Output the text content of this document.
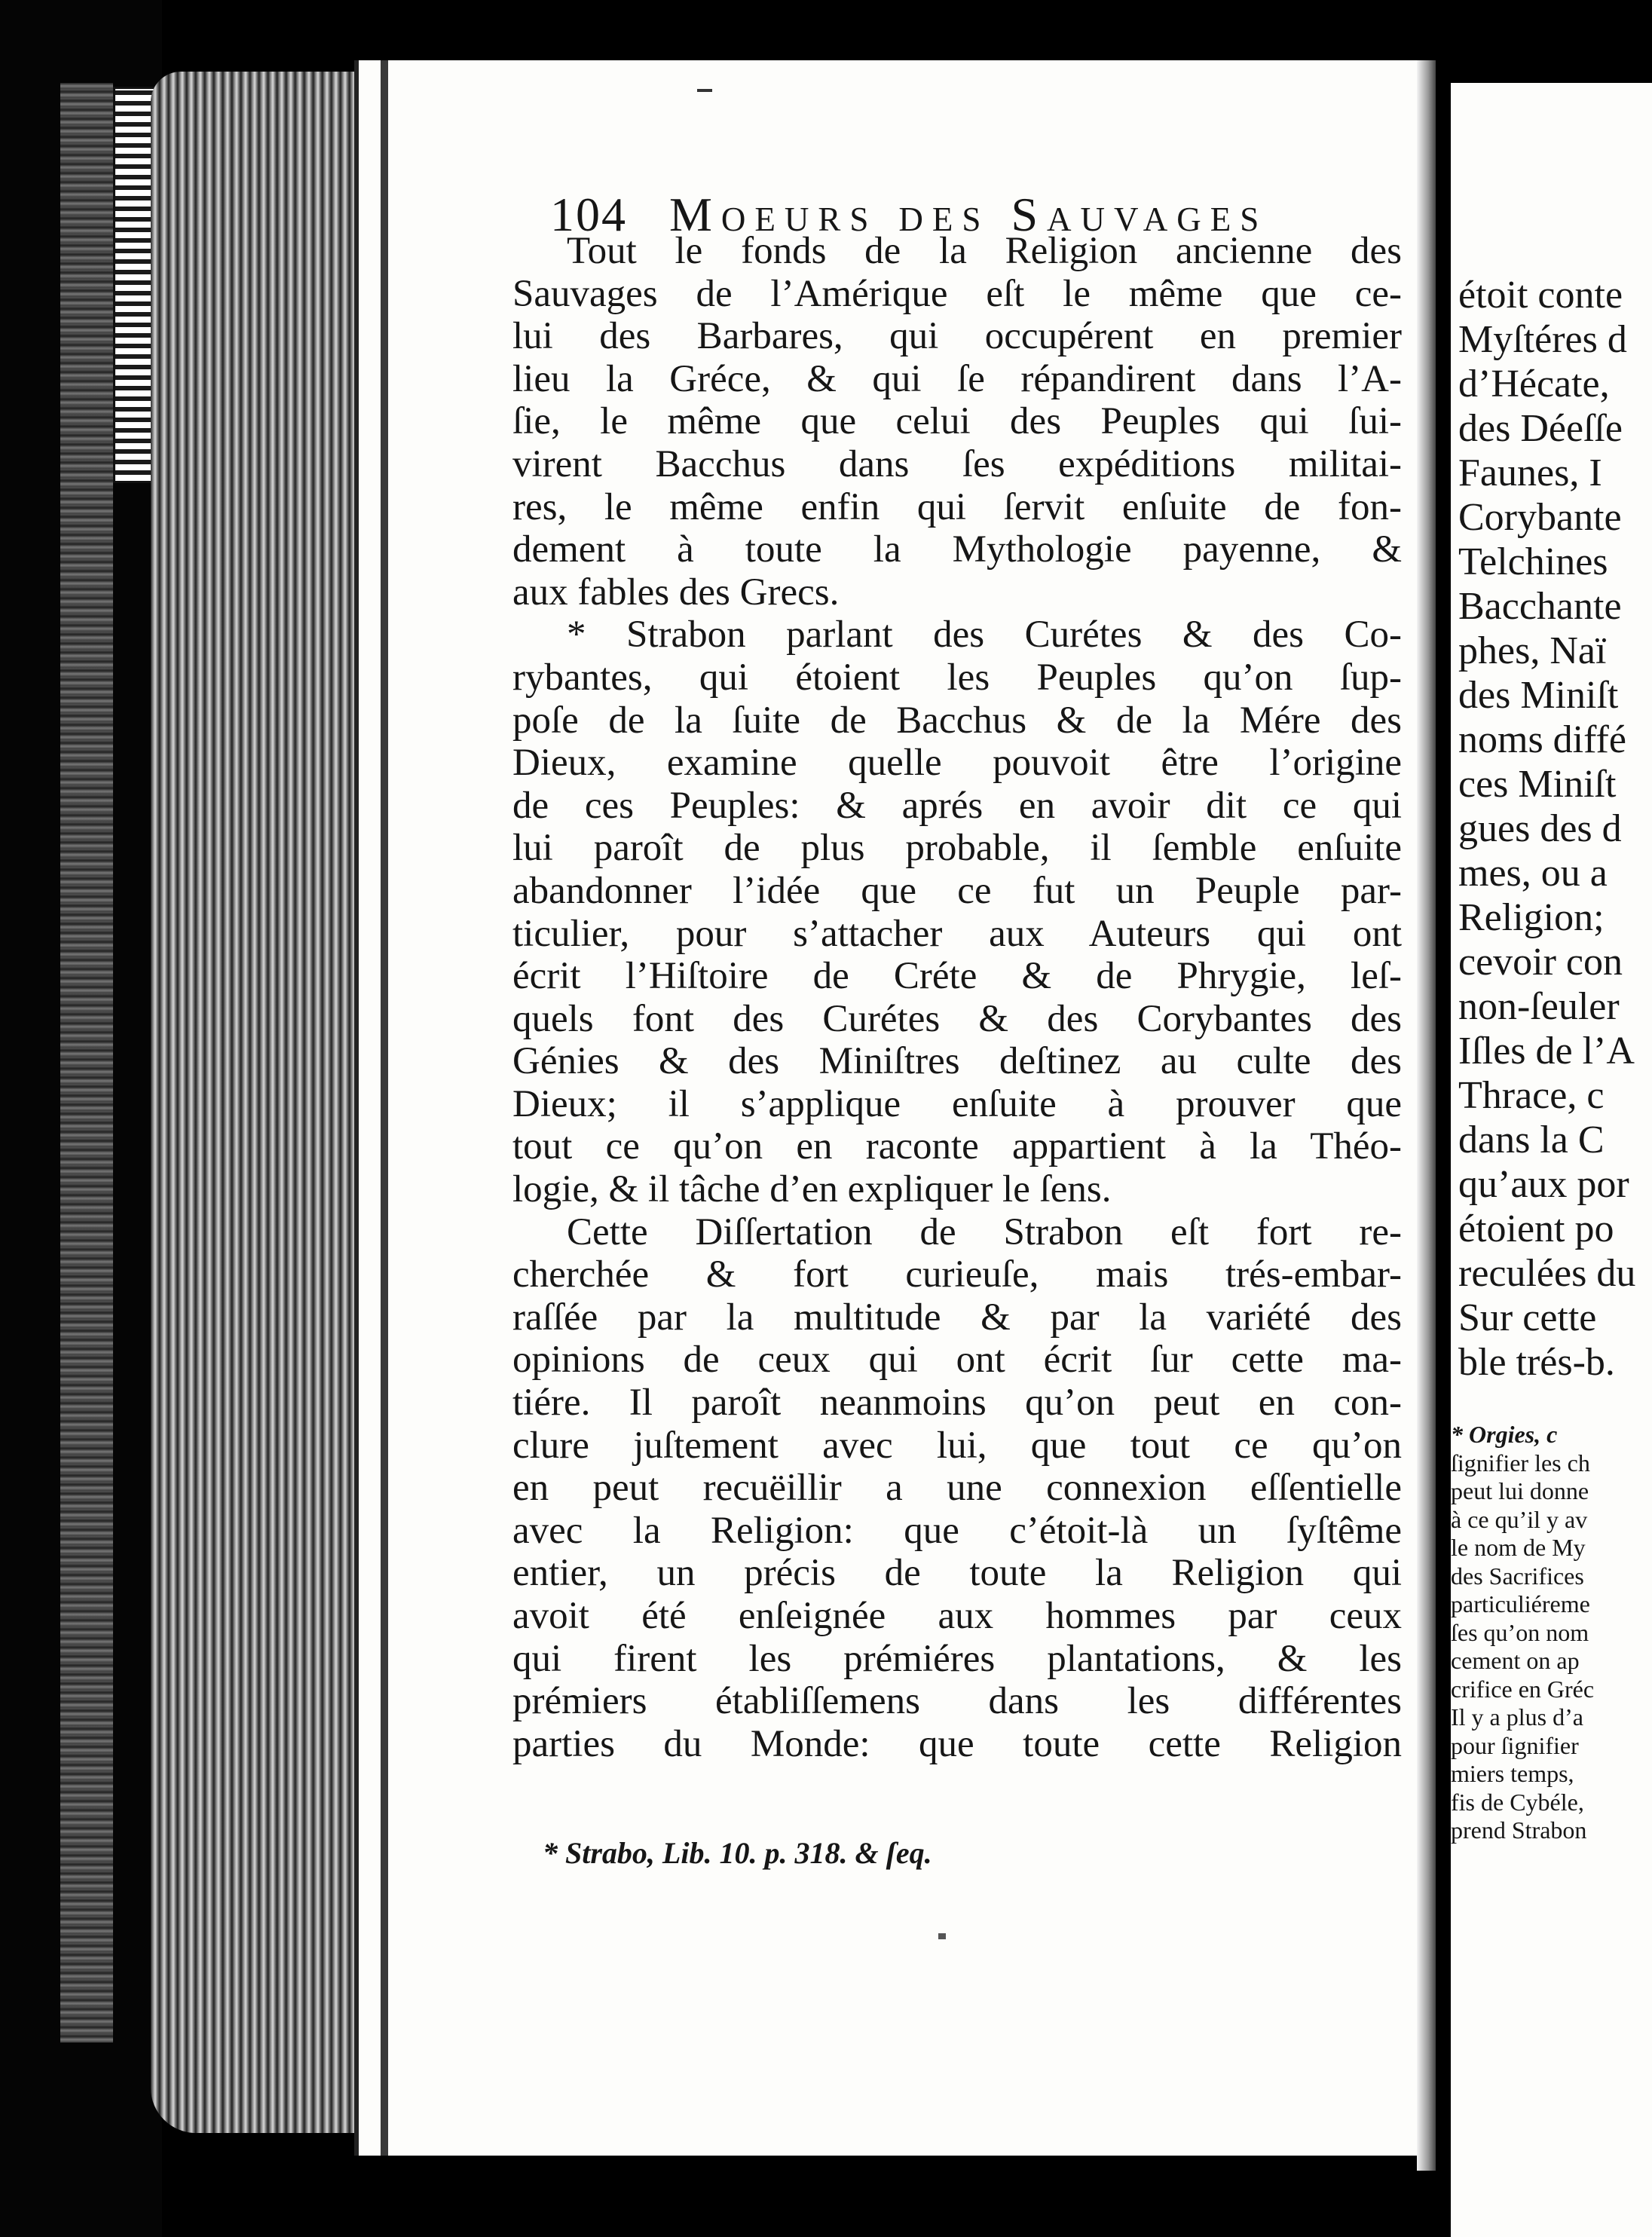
104 Moeurs des Sauvages
Tout le fonds de la Religion ancienne des
Sauvages de l’Amérique eſt le même que ce-
lui des Barbares, qui occupérent en premier
lieu la Gréce, & qui ſe répandirent dans l’A-
ſie, le même que celui des Peuples qui ſui-
virent Bacchus dans ſes expéditions militai-
res, le même enfin qui ſervit enſuite de fon-
dement à toute la Mythologie payenne, &
aux fables des Grecs.
* Strabon parlant des Curétes & des Co-
rybantes, qui étoient les Peuples qu’on ſup-
poſe de la ſuite de Bacchus & de la Mére des
Dieux, examine quelle pouvoit être l’origine
de ces Peuples: & aprés en avoir dit ce qui
lui paroît de plus probable, il ſemble enſuite
abandonner l’idée que ce fut un Peuple par-
ticulier, pour s’attacher aux Auteurs qui ont
écrit l’Hiſtoire de Créte & de Phrygie, leſ-
quels font des Curétes & des Corybantes des
Génies & des Miniſtres deſtinez au culte des
Dieux; il s’applique enſuite à prouver que
tout ce qu’on en raconte appartient à la Théo-
logie, & il tâche d’en expliquer le ſens.
Cette Diſſertation de Strabon eſt fort re-
cherchée & fort curieuſe, mais trés-embar-
raſſée par la multitude & par la variété des
opinions de ceux qui ont écrit ſur cette ma-
tiére. Il paroît neanmoins qu’on peut en con-
clure juſtement avec lui, que tout ce qu’on
en peut recuëillir a une connexion eſſentielle
avec la Religion: que c’étoit-là un ſyſtême
entier, un précis de toute la Religion qui
avoit été enſeignée aux hommes par ceux
qui firent les prémiéres plantations, & les
prémiers établiſſemens dans les différentes
parties du Monde: que toute cette Religion
* Strabo, Lib. 10. p. 318. & ſeq.
étoit conte
Myſtéres d
d’Hécate,
des Déeſſe
Faunes, I
Corybante
Telchines
Bacchante
phes, Naï
des Miniſt
noms diffé
ces Miniſt
gues des d
mes, ou a
Religion;
cevoir con
non-ſeuler
Iſles de l’A
Thrace, c
dans la C
qu’aux por
étoient po
reculées du
Sur cette
ble trés-b.
* Orgies, c
ſignifier les ch
peut lui donne
à ce qu’il y av
le nom de My
des Sacrifices
particuliéreme
ſes qu’on nom
cement on ap
crifice en Gréc
Il y a plus d’a
pour ſignifier
miers temps,
fis de Cybéle,
prend Strabon
